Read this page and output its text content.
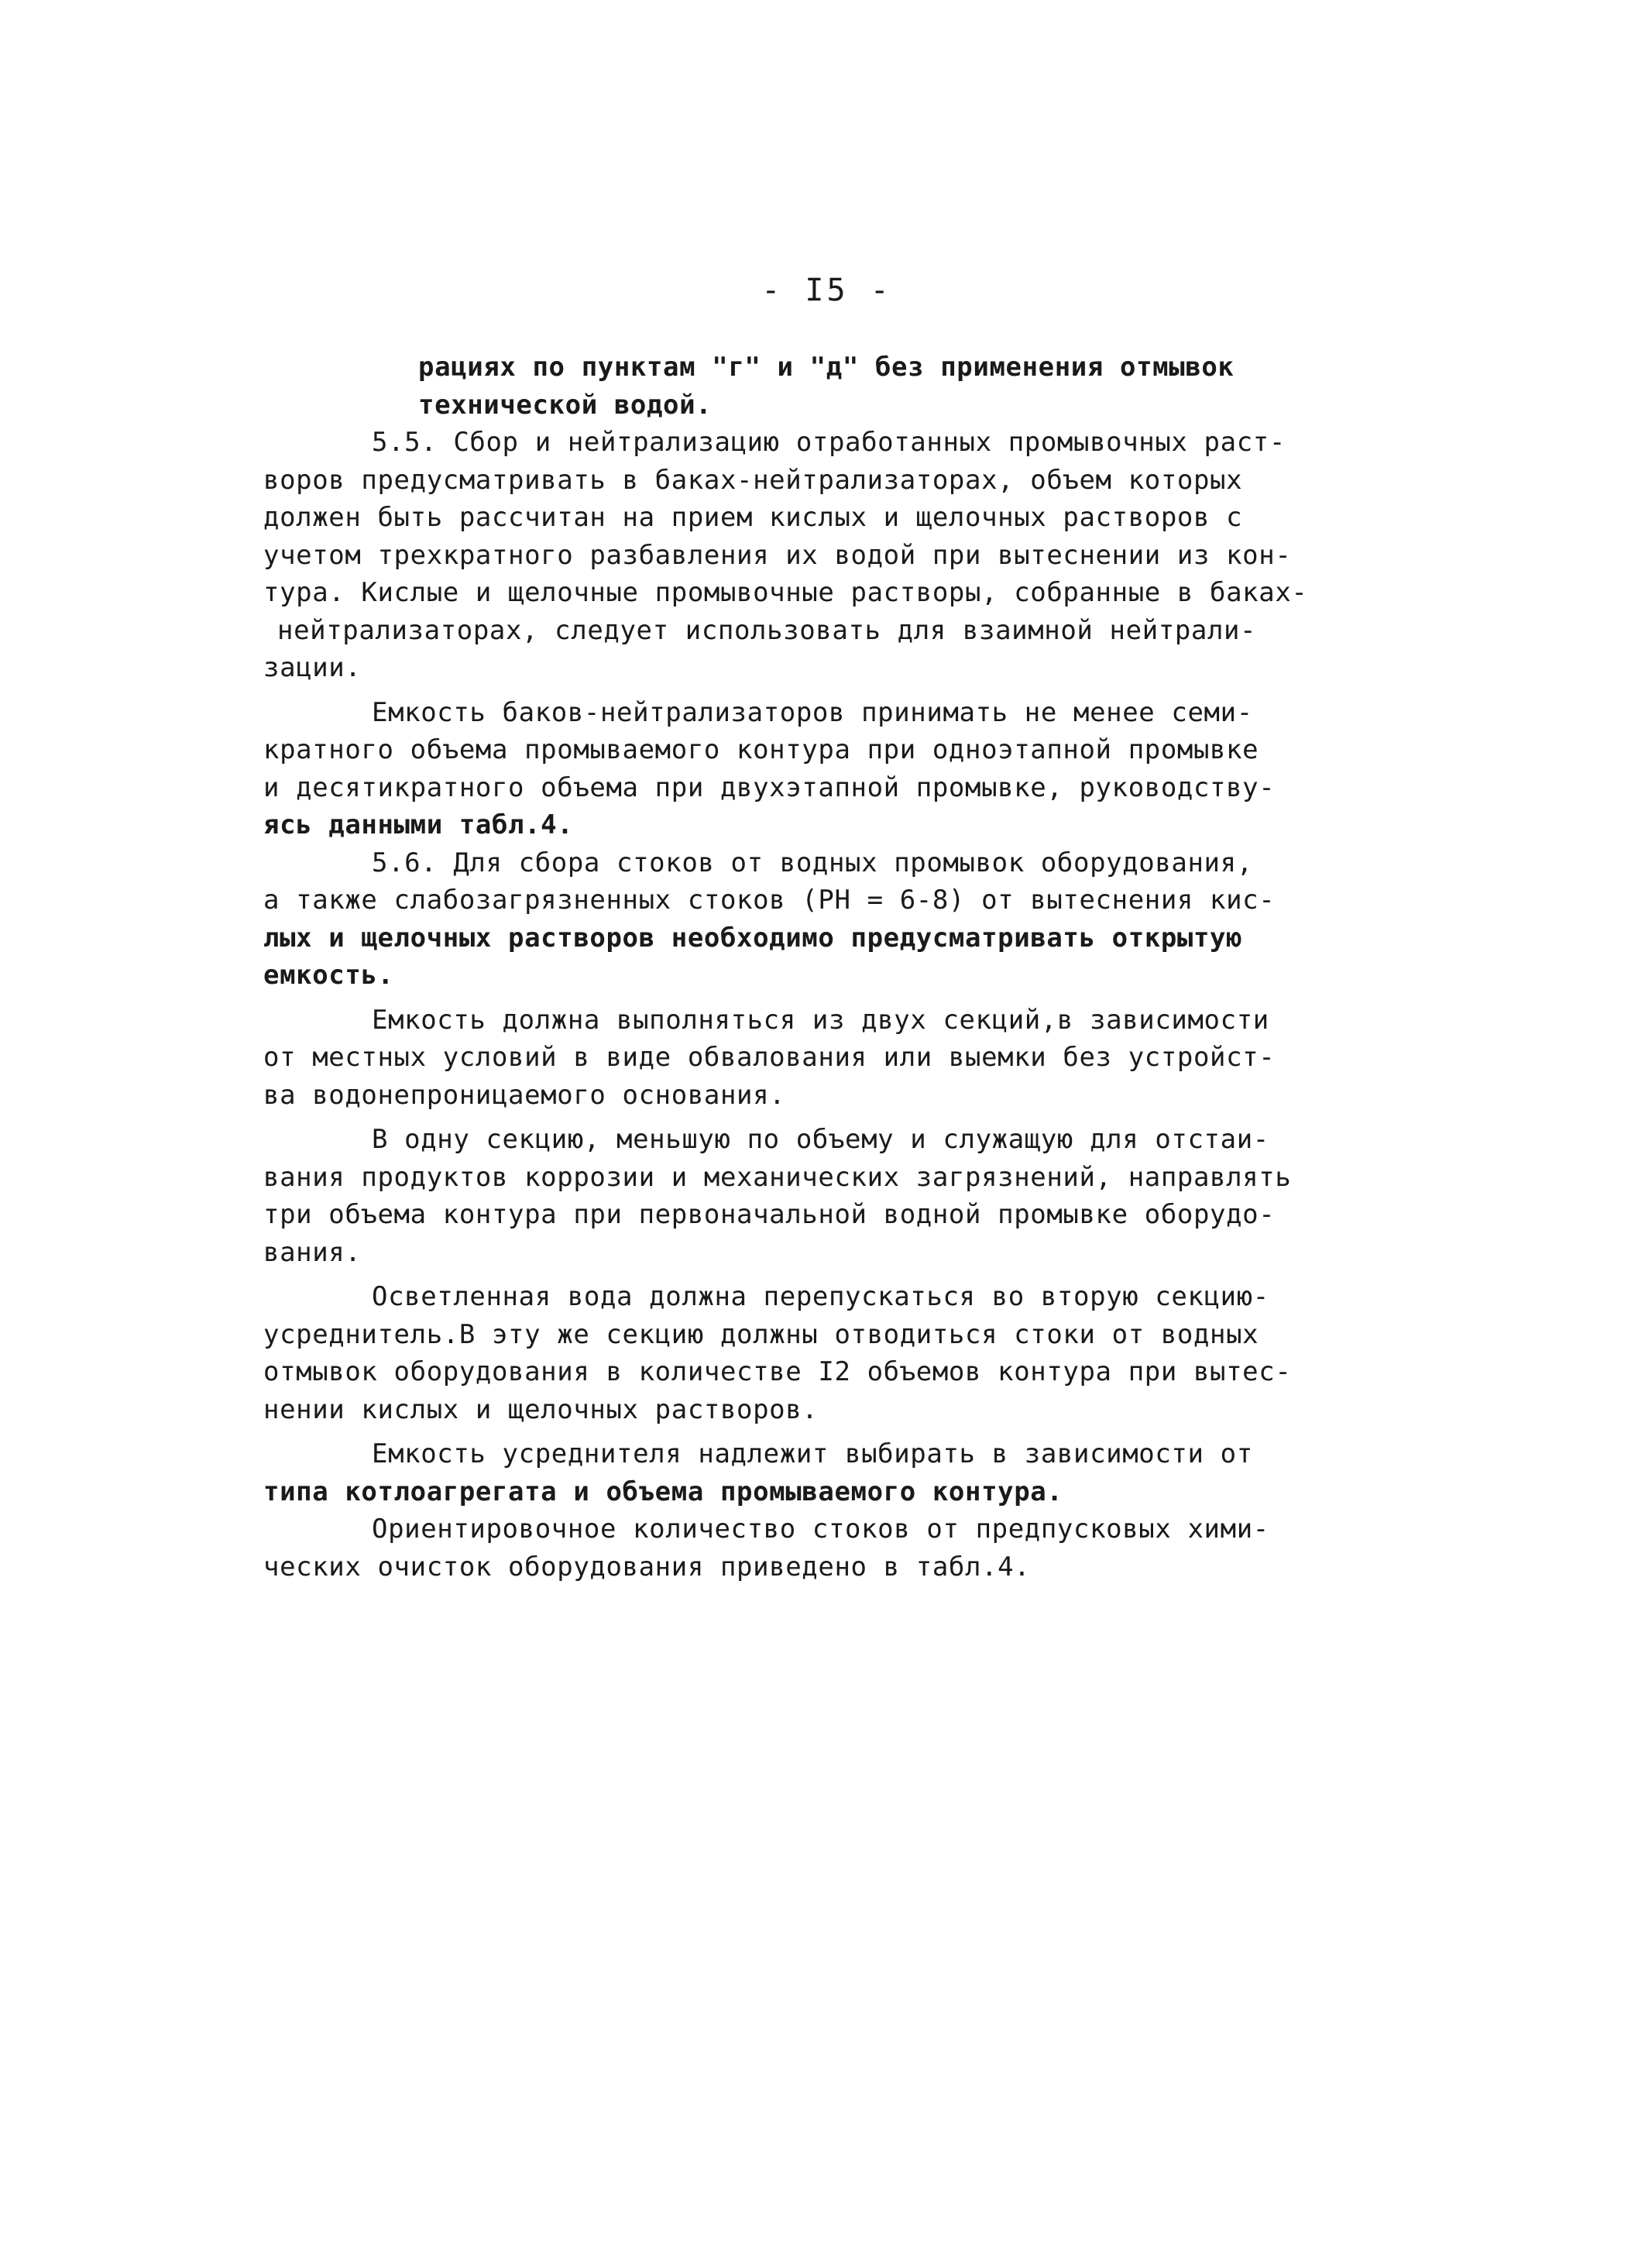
- I5 -
рациях по пунктам "г" и "д" без применения отмывок
технической водой.
5.5. Сбор и нейтрализацию отработанных промывочных раст-
воров предусматривать в баках-нейтрализаторах, объем которых
должен быть рассчитан на прием кислых и щелочных растворов с
учетом трехкратного разбавления их водой при вытеснении из кон-
тура. Кислые и щелочные промывочные растворы, собранные в баках-
нейтрализаторах, следует использовать для взаимной нейтрали-
зации.
Емкость баков-нейтрализаторов принимать не менее семи-
кратного объема промываемого контура при одноэтапной промывке
и десятикратного объема при двухэтапной промывке, руководству-
ясь данными табл.4.
5.6. Для сбора стоков от водных промывок оборудования,
а также слабозагрязненных стоков (РН = 6-8) от вытеснения кис-
лых и щелочных растворов необходимо предусматривать открытую
емкость.
Емкость должна выполняться из двух секций,в зависимости
от местных условий в виде обвалования или выемки без устройст-
ва водонепроницаемого основания.
В одну секцию, меньшую по объему и служащую для отстаи-
вания продуктов коррозии и механических загрязнений, направлять
три объема контура при первоначальной водной промывке оборудо-
вания.
Осветленная вода должна перепускаться во вторую секцию-
усреднитель.В эту же секцию должны отводиться стоки от водных
отмывок оборудования в количестве I2 объемов контура при вытес-
нении кислых и щелочных растворов.
Емкость усреднителя надлежит выбирать в зависимости от
типа котлоагрегата и объема промываемого контура.
Ориентировочное количество стоков от предпусковых хими-
ческих очисток оборудования приведено в табл.4.
